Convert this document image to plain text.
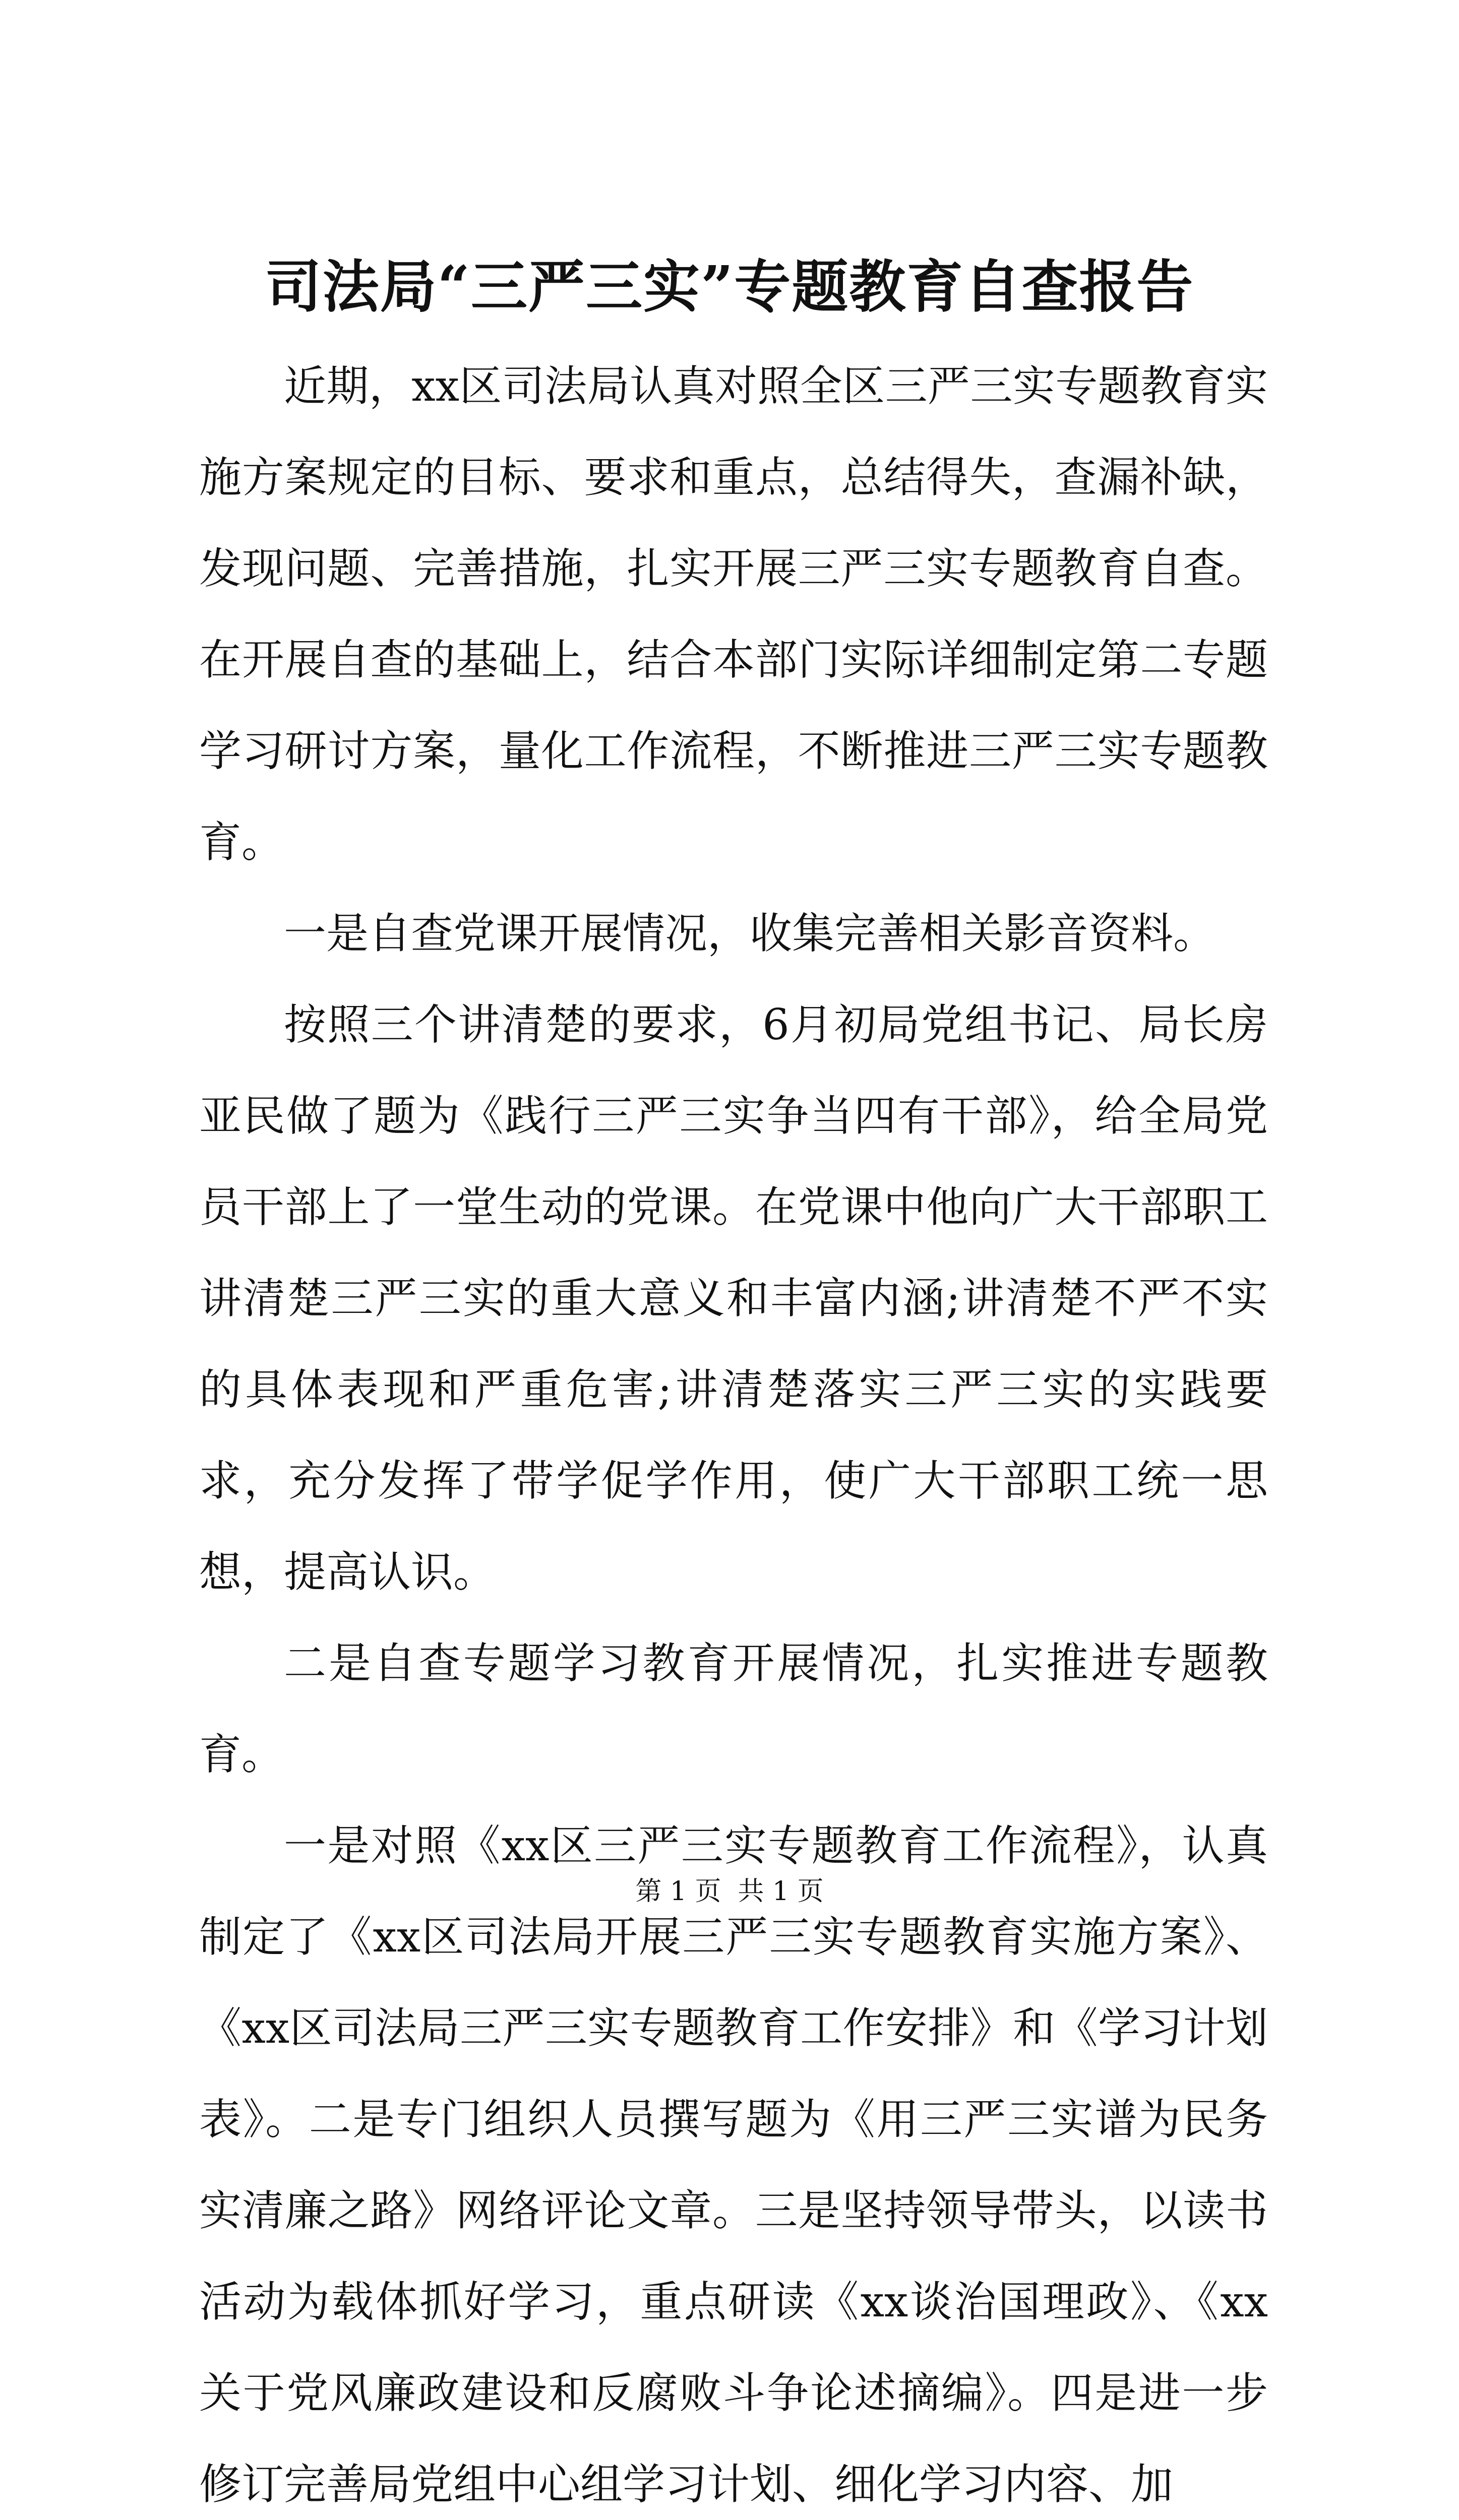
司法局“三严三实”专题教育自查报告

近期，xx区司法局认真对照全区三严三实专题教育实施方案规定的目标、要求和重点，总结得失，查漏补缺，发现问题、完善措施，扎实开展三严三实专题教育自查。在开展自查的基础上，结合本部门实际详细制定第二专题学习研讨方案，量化工作流程，不断推进三严三实专题教育。

一是自查党课开展情况，收集完善相关影音资料。

按照三个讲清楚的要求，6月初局党组书记、局长房亚民做了题为《践行三严三实争当四有干部》，给全局党员干部上了一堂生动的党课。在党课中他向广大干部职工讲清楚三严三实的重大意义和丰富内涵;讲清楚不严不实的具体表现和严重危害;讲清楚落实三严三实的实践要求，充分发挥了带学促学作用，使广大干部职工统一思想，提高认识。

二是自查专题学习教育开展情况，扎实推进专题教育。

一是对照《xx区三严三实专题教育工作流程》，认真制定了《xx区司法局开展三严三实专题教育实施方案》、《xx区司法局三严三实专题教育工作安排》和《学习计划表》。二是专门组织人员撰写题为《用三严三实谱为民务实清廉之路》网络评论文章。三是坚持领导带头，以读书活动为载体抓好学习，重点研读《xx谈治国理政》、《xx关于党风廉政建设和反腐败斗争论述摘编》。四是进一步修订完善局党组中心组学习计划、细化学习内容、加

第 1 页  共 1 页
